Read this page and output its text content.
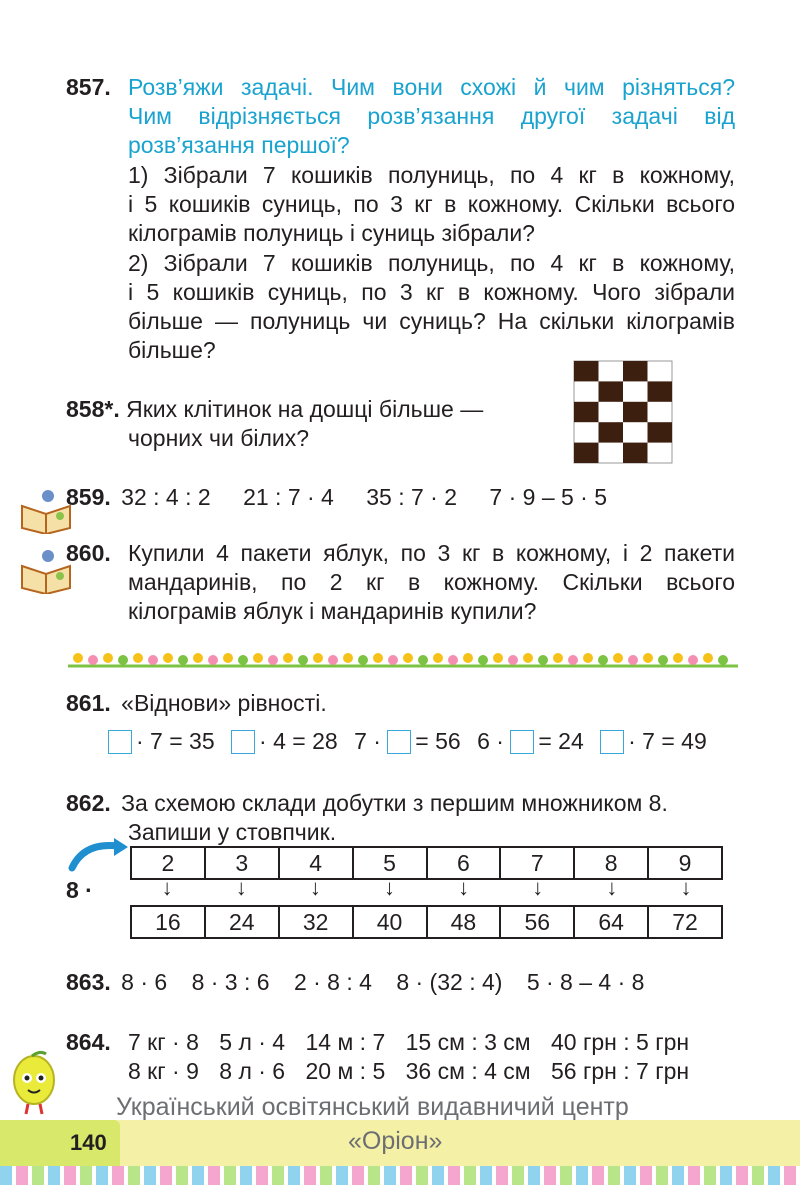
857. Розв’яжи задачі. Чим вони схожі й чим різняться?
Чим відрізняється розв’язання другої задачі від
розв’язання першої?
1) Зібрали 7 кошиків полуниць, по 4 кг в кожному,
і 5 кошиків суниць, по 3 кг в кожному. Скільки всього
кілограмів полуниць і суниць зібрали?
2) Зібрали 7 кошиків полуниць, по 4 кг в кожному,
і 5 кошиків суниць, по 3 кг в кожному. Чого зібрали
більше — полуниць чи суниць? На скільки кілограмів
більше?
858*. Яких клітинок на дошці більше —
чорних чи білих?
859. 32 : 4 : 2 21 : 7 · 4 35 : 7 · 2 7 · 9 – 5 · 5
860. Купили 4 пакети яблук, по 3 кг в кожному, і 2 пакети
мандаринів, по 2 кг в кожному. Скільки всього
кілограмів яблук і мандаринів купили?
861. «Віднови» рівності.
· 7 = 35 · 4 = 28 7 · = 56 6 · = 24 · 7 = 49
862. За схемою склади добутки з першим множником 8.
Запиши у стовпчик.
8 ·
2	3	4	5	6	7	8	9
↓	↓	↓	↓	↓	↓	↓	↓
16	24	32	40	48	56	64	72
863. 8 · 6 8 · 3 : 6 2 · 8 : 4 8 · (32 : 4) 5 · 8 – 4 · 8
864. 7 кг · 8 5 л · 4 14 м : 7 15 см : 3 см 40 грн : 5 грн
8 кг · 9 8 л · 6 20 м : 5 36 см : 4 см 56 грн : 7 грн
140
Український освітянський видавничий центр
«Оріон»
